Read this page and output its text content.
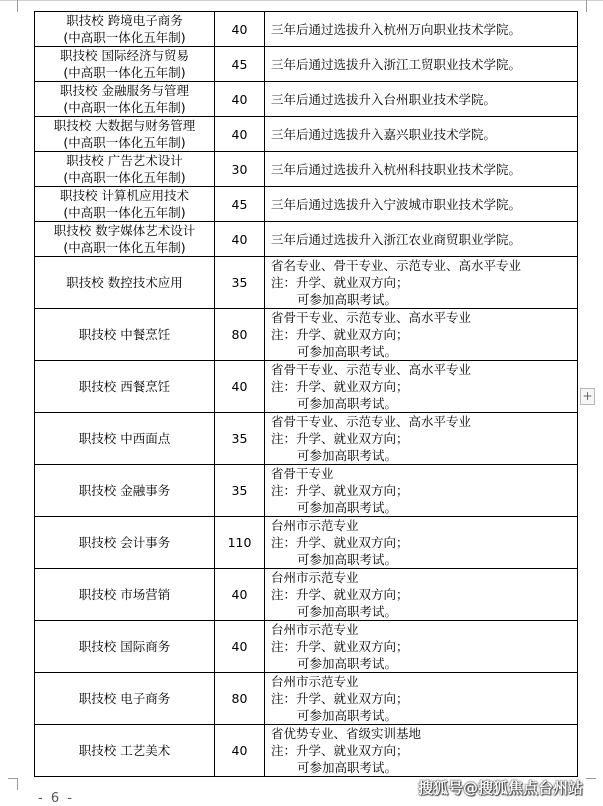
职技校 跨境电子商务
(中高职一体化五年制)	40	三年后通过选拔升入杭州万向职业技术学院。

职技校 国际经济与贸易
(中高职一体化五年制)	45	三年后通过选拔升入浙江工贸职业技术学院。

职技校 金融服务与管理
(中高职一体化五年制)	40	三年后通过选拔升入台州职业技术学院。

职技校 大数据与财务管理
(中高职一体化五年制)	40	三年后通过选拔升入嘉兴职业技术学院。

职技校 广告艺术设计
(中高职一体化五年制)	30	三年后通过选拔升入杭州科技职业技术学院。

职技校 计算机应用技术
(中高职一体化五年制)	45	三年后通过选拔升入宁波城市职业技术学院。

职技校 数字媒体艺术设计
(中高职一体化五年制)	40	三年后通过选拔升入浙江农业商贸职业学院。

职技校 数控技术应用	35	省名专业、骨干专业、示范专业、高水平专业
注：升学、就业双方向；
可参加高职考试。

职技校 中餐烹饪	80	省骨干专业、示范专业、高水平专业
注：升学、就业双方向；
可参加高职考试。

职技校 西餐烹饪	40	省骨干专业、示范专业、高水平专业
注：升学、就业双方向；
可参加高职考试。

职技校 中西面点	35	省骨干专业、示范专业、高水平专业
注：升学、就业双方向；
可参加高职考试。

职技校 金融事务	35	省骨干专业
注：升学、就业双方向；
可参加高职考试。

职技校 会计事务	110	台州市示范专业
注：升学、就业双方向；
可参加高职考试。

职技校 市场营销	40	台州市示范专业
注：升学、就业双方向；
可参加高职考试。

职技校 国际商务	40	台州市示范专业
注：升学、就业双方向；
可参加高职考试。

职技校 电子商务	80	台州市示范专业
注：升学、就业双方向；
可参加高职考试。

职技校 工艺美术	40	省优势专业、省级实训基地
注：升学、就业双方向；
可参加高职考试。
+
- 6 -
搜狐号@搜狐焦点台州站
